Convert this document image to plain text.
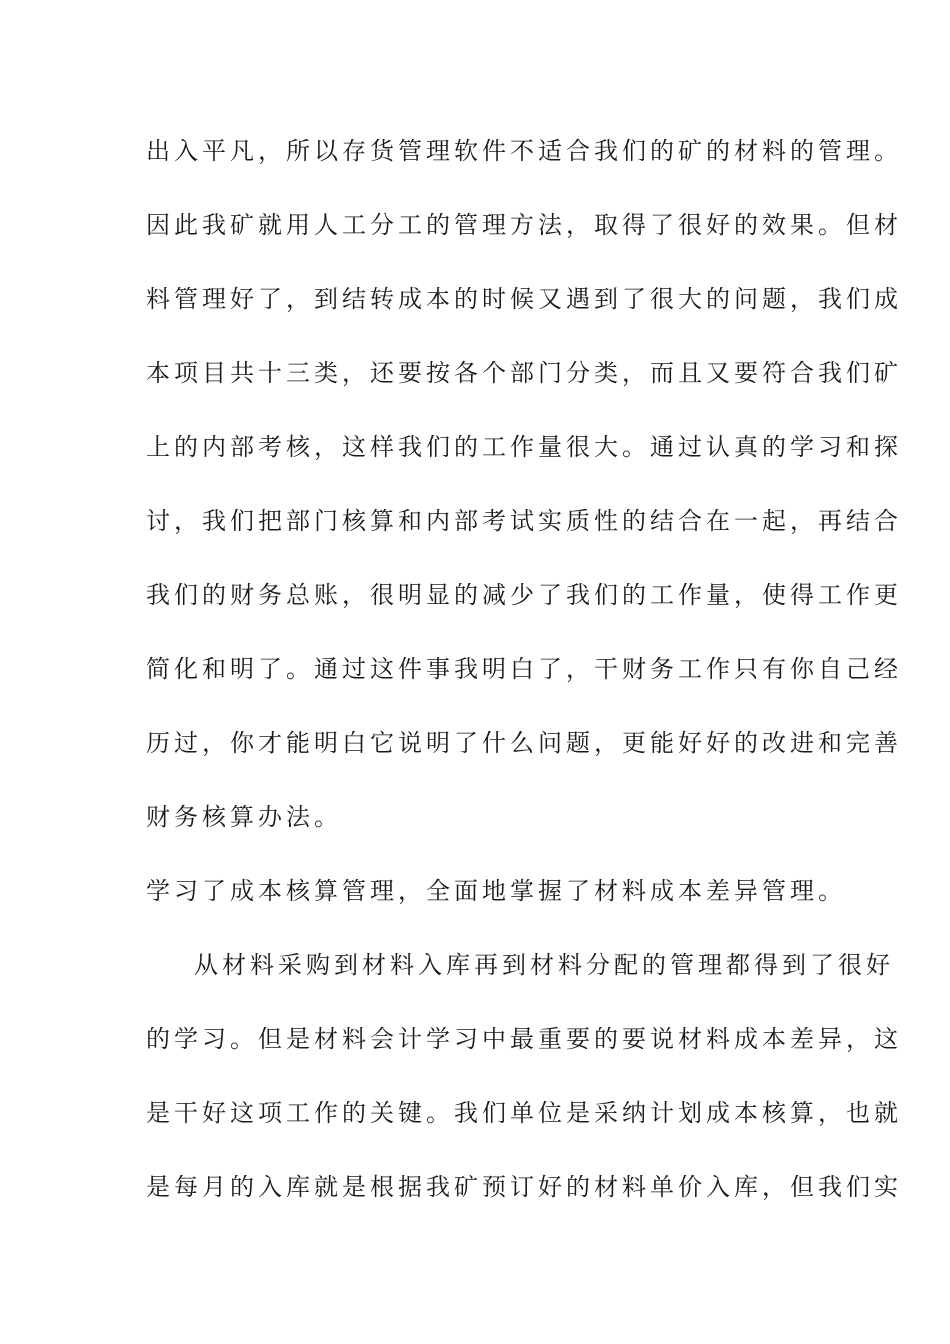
出入平凡，所以存货管理软件不适合我们的矿的材料的管理。
因此我矿就用人工分工的管理方法，取得了很好的效果。但材
料管理好了，到结转成本的时候又遇到了很大的问题，我们成
本项目共十三类，还要按各个部门分类，而且又要符合我们矿
上的内部考核，这样我们的工作量很大。通过认真的学习和探
讨，我们把部门核算和内部考试实质性的结合在一起，再结合
我们的财务总账，很明显的减少了我们的工作量，使得工作更
简化和明了。通过这件事我明白了，干财务工作只有你自己经
历过，你才能明白它说明了什么问题，更能好好的改进和完善
财务核算办法。
学习了成本核算管理，全面地掌握了材料成本差异管理。
从材料采购到材料入库再到材料分配的管理都得到了很好
的学习。但是材料会计学习中最重要的要说材料成本差异，这
是干好这项工作的关键。我们单位是采纳计划成本核算，也就
是每月的入库就是根据我矿预订好的材料单价入库，但我们实
